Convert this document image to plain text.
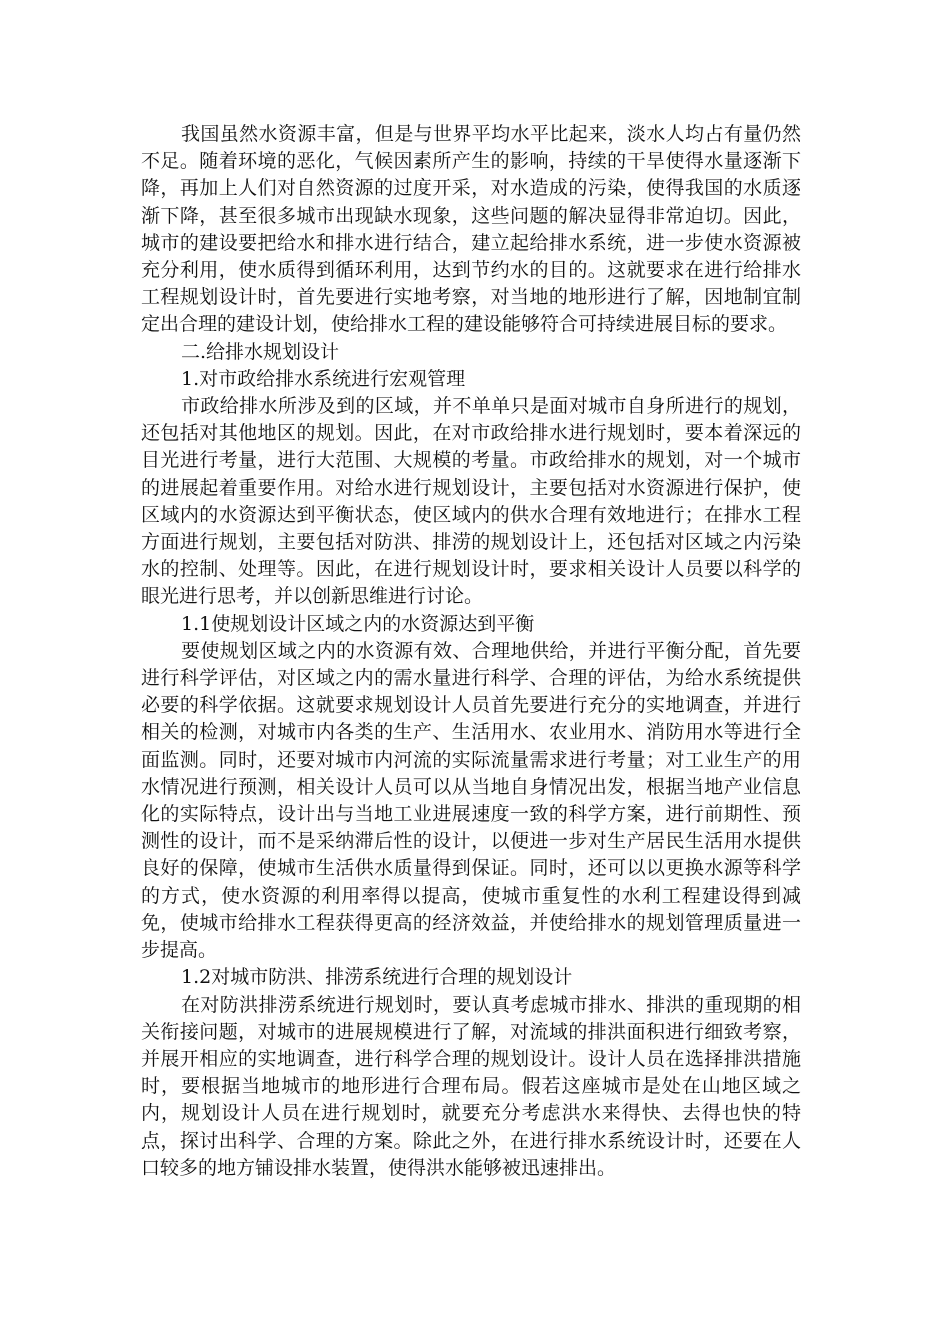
我国虽然水资源丰富，但是与世界平均水平比起来，淡水人均占有量仍然不足。随着环境的恶化，气候因素所产生的影响，持续的干旱使得水量逐渐下降，再加上人们对自然资源的过度开采，对水造成的污染，使得我国的水质逐渐下降，甚至很多城市出现缺水现象，这些问题的解决显得非常迫切。因此，城市的建设要把给水和排水进行结合，建立起给排水系统，进一步使水资源被充分利用，使水质得到循环利用，达到节约水的目的。这就要求在进行给排水工程规划设计时，首先要进行实地考察，对当地的地形进行了解，因地制宜制定出合理的建设计划，使给排水工程的建设能够符合可持续进展目标的要求。

二.给排水规划设计

1.对市政给排水系统进行宏观管理

市政给排水所涉及到的区域，并不单单只是面对城市自身所进行的规划，还包括对其他地区的规划。因此，在对市政给排水进行规划时，要本着深远的目光进行考量，进行大范围、大规模的考量。市政给排水的规划，对一个城市的进展起着重要作用。对给水进行规划设计，主要包括对水资源进行保护，使区域内的水资源达到平衡状态，使区域内的供水合理有效地进行；在排水工程方面进行规划，主要包括对防洪、排涝的规划设计上，还包括对区域之内污染水的控制、处理等。因此，在进行规划设计时，要求相关设计人员要以科学的眼光进行思考，并以创新思维进行讨论。

1.1使规划设计区域之内的水资源达到平衡

要使规划区域之内的水资源有效、合理地供给，并进行平衡分配，首先要进行科学评估，对区域之内的需水量进行科学、合理的评估，为给水系统提供必要的科学依据。这就要求规划设计人员首先要进行充分的实地调查，并进行相关的检测，对城市内各类的生产、生活用水、农业用水、消防用水等进行全面监测。同时，还要对城市内河流的实际流量需求进行考量；对工业生产的用水情况进行预测，相关设计人员可以从当地自身情况出发，根据当地产业信息化的实际特点，设计出与当地工业进展速度一致的科学方案，进行前期性、预测性的设计，而不是采纳滞后性的设计，以便进一步对生产居民生活用水提供良好的保障，使城市生活供水质量得到保证。同时，还可以以更换水源等科学的方式，使水资源的利用率得以提高，使城市重复性的水利工程建设得到减免，使城市给排水工程获得更高的经济效益，并使给排水的规划管理质量进一步提高。

1.2对城市防洪、排涝系统进行合理的规划设计

在对防洪排涝系统进行规划时，要认真考虑城市排水、排洪的重现期的相关衔接问题，对城市的进展规模进行了解，对流域的排洪面积进行细致考察，并展开相应的实地调查，进行科学合理的规划设计。设计人员在选择排洪措施时，要根据当地城市的地形进行合理布局。假若这座城市是处在山地区域之内，规划设计人员在进行规划时，就要充分考虑洪水来得快、去得也快的特点，探讨出科学、合理的方案。除此之外，在进行排水系统设计时，还要在人口较多的地方铺设排水装置，使得洪水能够被迅速排出。
